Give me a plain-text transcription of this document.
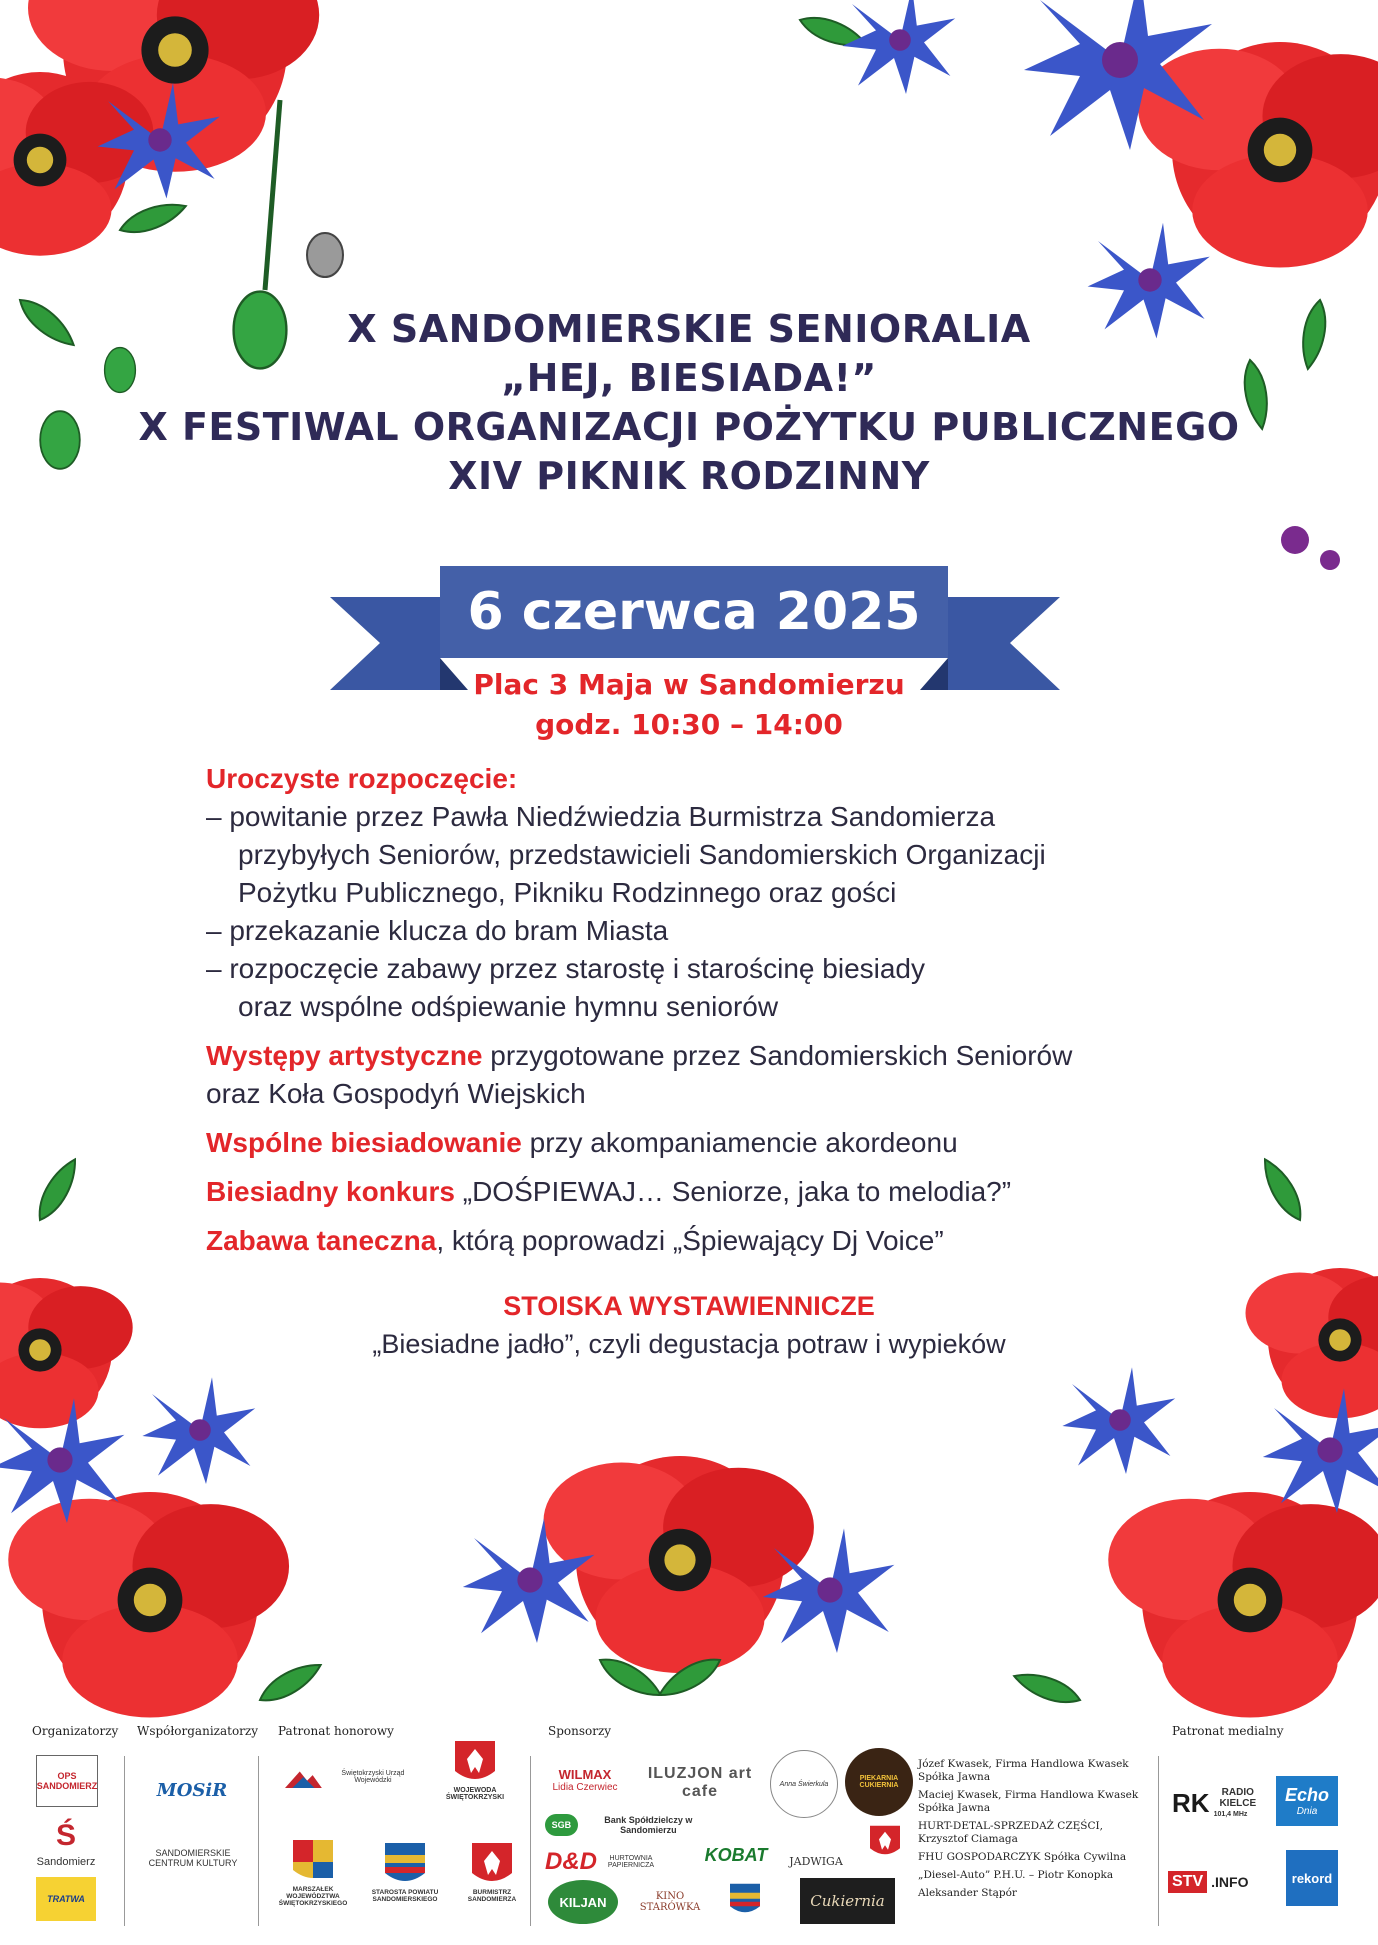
X SANDOMIERSKIE SENIORALIA
„HEJ, BIESIADA!”
X FESTIWAL ORGANIZACJI POŻYTKU PUBLICZNEGO
XIV PIKNIK RODZINNY
6 czerwca 2025
Plac 3 Maja w Sandomierzu
godz. 10:30 – 14:00
Uroczyste rozpoczęcie:
– powitanie przez Pawła Niedźwiedzia Burmistrza Sandomierza
przybyłych Seniorów, przedstawicieli Sandomierskich Organizacji
Pożytku Publicznego, Pikniku Rodzinnego oraz gości
– przekazanie klucza do bram Miasta
– rozpoczęcie zabawy przez starostę i starościnę biesiady
oraz wspólne odśpiewanie hymnu seniorów
Występy artystyczne przygotowane przez Sandomierskich Seniorów
oraz Koła Gospodyń Wiejskich
Wspólne biesiadowanie przy akompaniamencie akordeonu
Biesiadny konkurs „DOŚPIEWAJ… Seniorze, jaka to melodia?”
Zabawa taneczna, którą poprowadzi „Śpiewający Dj Voice”
STOISKA WYSTAWIENNICZE
„Biesiadne jadło”, czyli degustacja potraw i wypieków
Organizatorzy Współorganizatorzy Patronat honorowy	Sponsorzy	Patronat medialny
OPS SANDOMIERZ
Ś
Sandomierz
TRATWA
MOSiR
SANDOMIERSKIE CENTRUM KULTURY
Świętokrzyski Urząd Wojewódzki
WOJEWODA ŚWIĘTOKRZYSKI
MARSZAŁEK WOJEWÓDZTWA ŚWIĘTOKRZYSKIEGO
STAROSTA POWIATU SANDOMIERSKIEGO
BURMISTRZ SANDOMIERZA
WILMAX
Lidia Czerwiec
ILUZJON art cafe	Anna Świerkula
PIEKARNIA CUKIERNIA
SGB	Bank Spółdzielczy w Sandomierzu
D&D	HURTOWNIA PAPIERNICZA
KOBAT	JADWIGA
KILJAN	KINO STARÓWKA	Cukiernia
Józef Kwasek, Firma Handlowa Kwasek Spółka Jawna
Maciej Kwasek, Firma Handlowa Kwasek Spółka Jawna
HURT-DETAL-SPRZEDAŻ CZĘŚCI, Krzysztof Ciamaga
FHU GOSPODARCZYK Spółka Cywilna
„Diesel-Auto” P.H.U. – Piotr Konopka
Aleksander Stąpór
RK	RADIO KIELCE
101,4 MHz
Echo
Dnia
STV .INFO	rekord
